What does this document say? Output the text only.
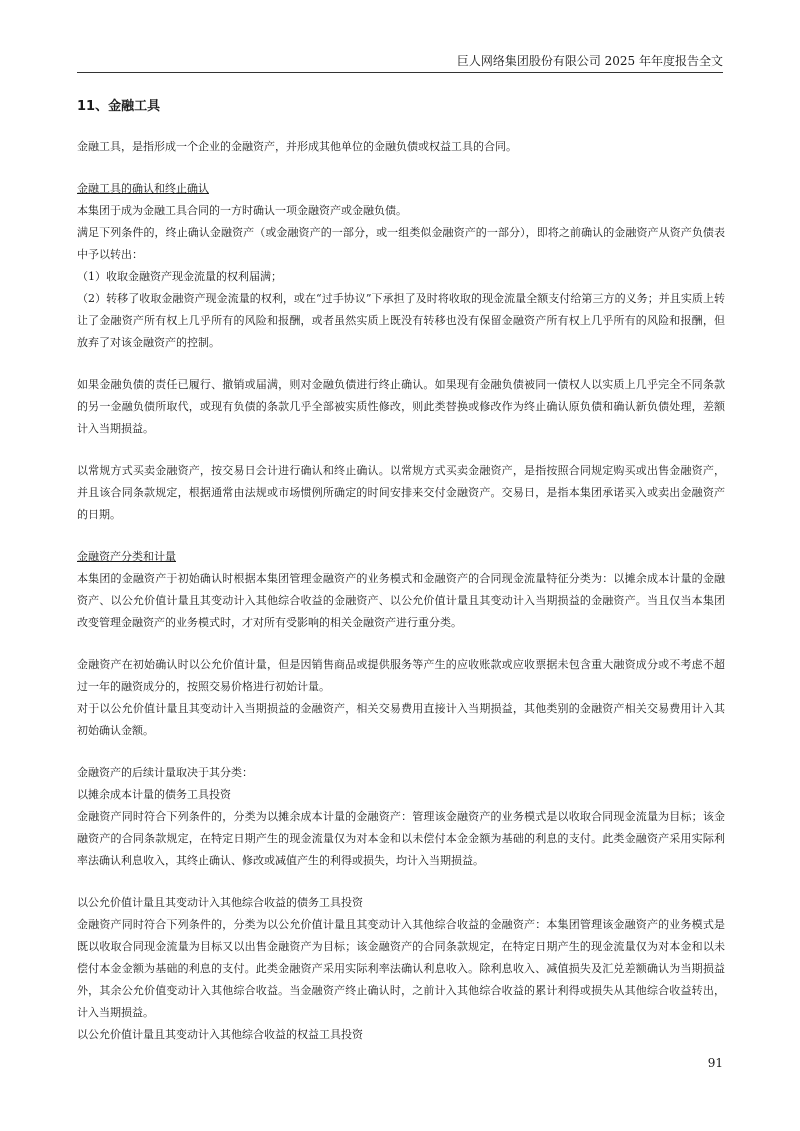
巨人网络集团股份有限公司 2025 年年度报告全文
11、金融工具

金融工具，是指形成一个企业的金融资产，并形成其他单位的金融负债或权益工具的合同。

金融工具的确认和终止确认

本集团于成为金融工具合同的一方时确认一项金融资产或金融负债。

满足下列条件的，终止确认金融资产（或金融资产的一部分，或一组类似金融资产的一部分），即将之前确认的金融资产从资产负债表中予以转出：

（1）收取金融资产现金流量的权利届满；

（2）转移了收取金融资产现金流量的权利，或在“过手协议”下承担了及时将收取的现金流量全额支付给第三方的义务；并且实质上转让了金融资产所有权上几乎所有的风险和报酬，或者虽然实质上既没有转移也没有保留金融资产所有权上几乎所有的风险和报酬，但放弃了对该金融资产的控制。

如果金融负债的责任已履行、撤销或届满，则对金融负债进行终止确认。如果现有金融负债被同一债权人以实质上几乎完全不同条款的另一金融负债所取代，或现有负债的条款几乎全部被实质性修改，则此类替换或修改作为终止确认原负债和确认新负债处理，差额计入当期损益。

以常规方式买卖金融资产，按交易日会计进行确认和终止确认。以常规方式买卖金融资产，是指按照合同规定购买或出售金融资产，并且该合同条款规定，根据通常由法规或市场惯例所确定的时间安排来交付金融资产。交易日，是指本集团承诺买入或卖出金融资产的日期。

金融资产分类和计量

本集团的金融资产于初始确认时根据本集团管理金融资产的业务模式和金融资产的合同现金流量特征分类为：以摊余成本计量的金融资产、以公允价值计量且其变动计入其他综合收益的金融资产、以公允价值计量且其变动计入当期损益的金融资产。当且仅当本集团改变管理金融资产的业务模式时，才对所有受影响的相关金融资产进行重分类。

金融资产在初始确认时以公允价值计量，但是因销售商品或提供服务等产生的应收账款或应收票据未包含重大融资成分或不考虑不超过一年的融资成分的，按照交易价格进行初始计量。

对于以公允价值计量且其变动计入当期损益的金融资产，相关交易费用直接计入当期损益，其他类别的金融资产相关交易费用计入其初始确认金额。

金融资产的后续计量取决于其分类：

以摊余成本计量的债务工具投资

金融资产同时符合下列条件的，分类为以摊余成本计量的金融资产：管理该金融资产的业务模式是以收取合同现金流量为目标；该金融资产的合同条款规定，在特定日期产生的现金流量仅为对本金和以未偿付本金金额为基础的利息的支付。此类金融资产采用实际利率法确认利息收入，其终止确认、修改或减值产生的利得或损失，均计入当期损益。

以公允价值计量且其变动计入其他综合收益的债务工具投资

金融资产同时符合下列条件的，分类为以公允价值计量且其变动计入其他综合收益的金融资产：本集团管理该金融资产的业务模式是既以收取合同现金流量为目标又以出售金融资产为目标；该金融资产的合同条款规定，在特定日期产生的现金流量仅为对本金和以未偿付本金金额为基础的利息的支付。此类金融资产采用实际利率法确认利息收入。除利息收入、减值损失及汇兑差额确认为当期损益外，其余公允价值变动计入其他综合收益。当金融资产终止确认时，之前计入其他综合收益的累计利得或损失从其他综合收益转出，计入当期损益。

以公允价值计量且其变动计入其他综合收益的权益工具投资

91
